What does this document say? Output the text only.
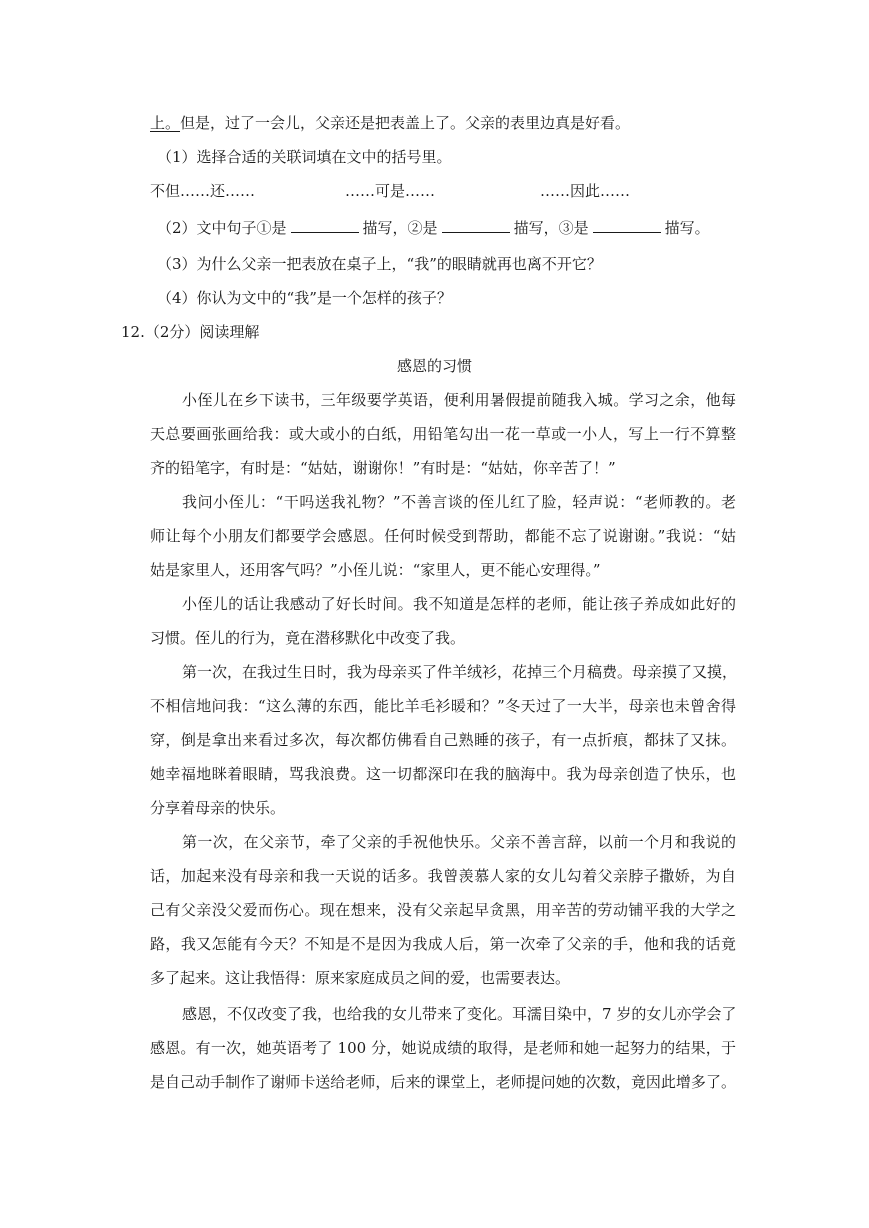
上。但是，过了一会儿，父亲还是把表盖上了。父亲的表里边真是好看。
（1）选择合适的关联词填在文中的括号里。
不但……还……	……可是……	……因此……
（2）文中句子①是	描写，②是	描写，③是	描写。
（3）为什么父亲一把表放在桌子上，“我”的眼睛就再也离不开它？
（4）你认为文中的“我”是一个怎样的孩子？
12.（2分）阅读理解
感恩的习惯
小侄儿在乡下读书，三年级要学英语，便利用暑假提前随我入城。学习之余，他每
天总要画张画给我：或大或小的白纸，用铅笔勾出一花一草或一小人，写上一行不算整
齐的铅笔字，有时是：“姑姑，谢谢你！”有时是：“姑姑，你辛苦了！”
我问小侄儿：“干吗送我礼物？”不善言谈的侄儿红了脸，轻声说：“老师教的。老
师让每个小朋友们都要学会感恩。任何时候受到帮助，都能不忘了说谢谢。”我说：“姑
姑是家里人，还用客气吗？”小侄儿说：“家里人，更不能心安理得。”
小侄儿的话让我感动了好长时间。我不知道是怎样的老师，能让孩子养成如此好的
习惯。侄儿的行为，竟在潜移默化中改变了我。
第一次，在我过生日时，我为母亲买了件羊绒衫，花掉三个月稿费。母亲摸了又摸，
不相信地问我：“这么薄的东西，能比羊毛衫暖和？”冬天过了一大半，母亲也未曾舍得
穿，倒是拿出来看过多次，每次都仿佛看自己熟睡的孩子，有一点折痕，都抹了又抹。
她幸福地眯着眼睛，骂我浪费。这一切都深印在我的脑海中。我为母亲创造了快乐，也
分享着母亲的快乐。
第一次，在父亲节，牵了父亲的手祝他快乐。父亲不善言辞，以前一个月和我说的
话，加起来没有母亲和我一天说的话多。我曾羡慕人家的女儿勾着父亲脖子撒娇，为自
己有父亲没父爱而伤心。现在想来，没有父亲起早贪黑，用辛苦的劳动铺平我的大学之
路，我又怎能有今天？不知是不是因为我成人后，第一次牵了父亲的手，他和我的话竟
多了起来。这让我悟得：原来家庭成员之间的爱，也需要表达。
感恩，不仅改变了我，也给我的女儿带来了变化。耳濡目染中，7 岁的女儿亦学会了
感恩。有一次，她英语考了 100 分，她说成绩的取得，是老师和她一起努力的结果，于
是自己动手制作了谢师卡送给老师，后来的课堂上，老师提问她的次数，竟因此增多了。
